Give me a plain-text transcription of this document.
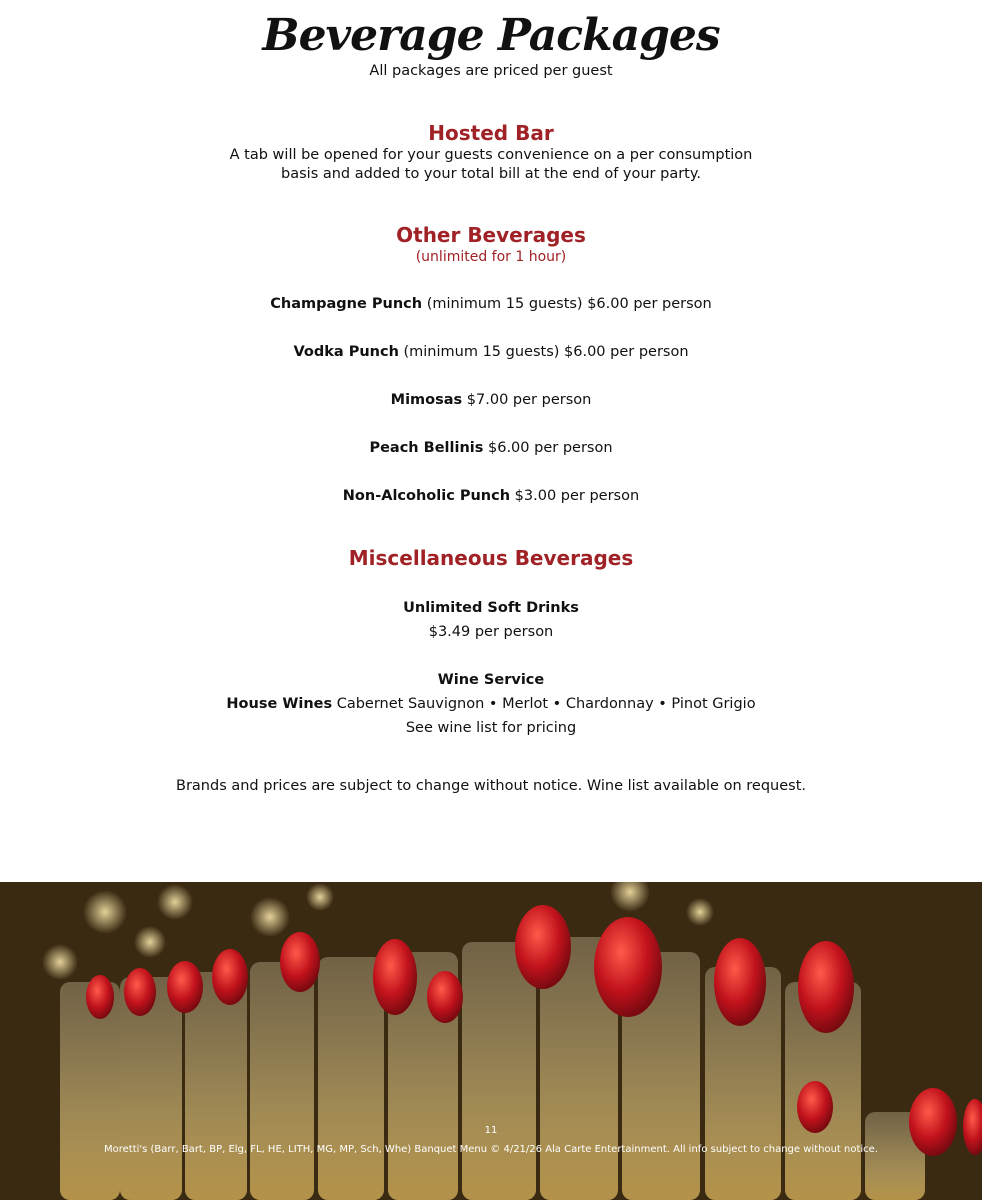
Beverage Packages
All packages are priced per guest
Hosted Bar
A tab will be opened for your guests convenience on a per consumption
basis and added to your total bill at the end of your party.
Other Beverages
(unlimited for 1 hour)
Champagne Punch (minimum 15 guests) $6.00 per person
Vodka Punch (minimum 15 guests) $6.00 per person
Mimosas $7.00 per person
Peach Bellinis $6.00 per person
Non-Alcoholic Punch $3.00 per person
Miscellaneous Beverages
Unlimited Soft Drinks
$3.49 per person
Wine Service
House Wines Cabernet Sauvignon • Merlot • Chardonnay • Pinot Grigio
See wine list for pricing
Brands and prices are subject to change without notice. Wine list available on request.
11
Moretti's (Barr, Bart, BP, Elg, FL, HE, LITH, MG, MP, Sch, Whe) Banquet Menu © 4/21/26 Ala Carte Entertainment. All info subject to change without notice.
